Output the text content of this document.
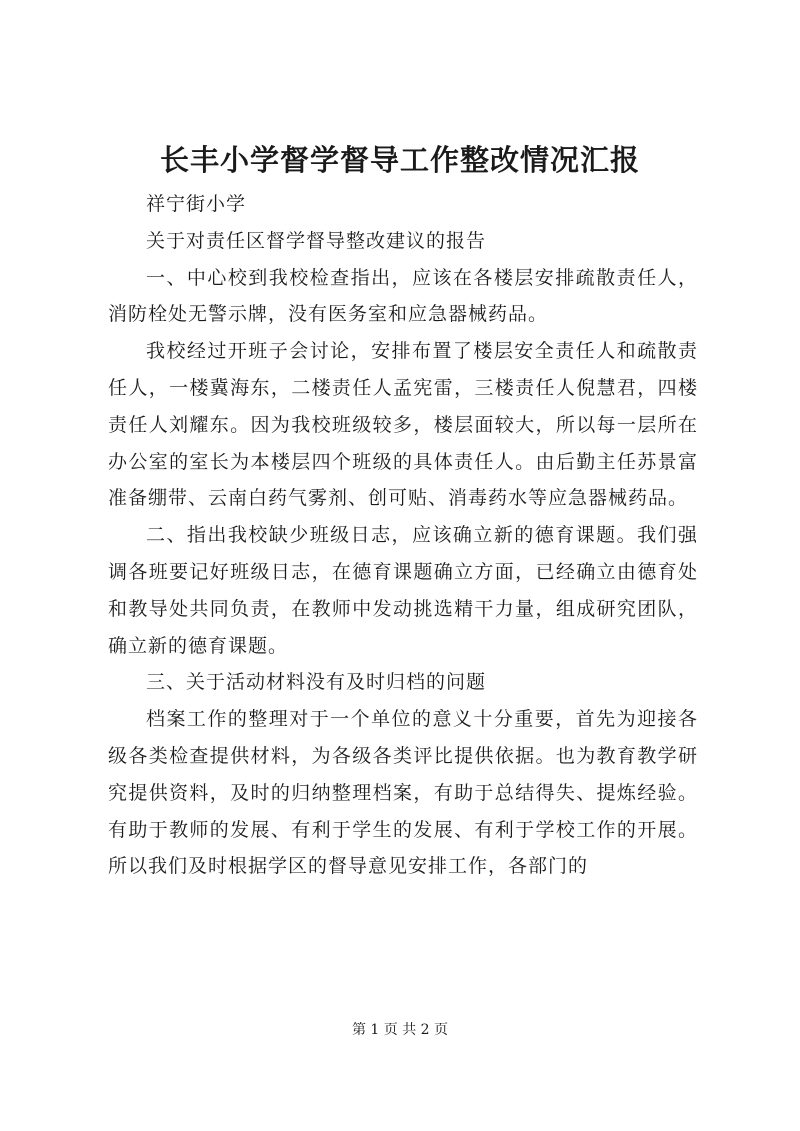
长丰小学督学督导工作整改情况汇报

祥宁街小学

关于对责任区督学督导整改建议的报告

一、中心校到我校检查指出，应该在各楼层安排疏散责任人，消防栓处无警示牌，没有医务室和应急器械药品。

我校经过开班子会讨论，安排布置了楼层安全责任人和疏散责任人，一楼冀海东，二楼责任人孟宪雷，三楼责任人倪慧君，四楼责任人刘耀东。因为我校班级较多，楼层面较大，所以每一层所在办公室的室长为本楼层四个班级的具体责任人。由后勤主任苏景富准备绷带、云南白药气雾剂、创可贴、消毒药水等应急器械药品。

二、指出我校缺少班级日志，应该确立新的德育课题。我们强调各班要记好班级日志，在德育课题确立方面，已经确立由德育处和教导处共同负责，在教师中发动挑选精干力量，组成研究团队，确立新的德育课题。

三、关于活动材料没有及时归档的问题

档案工作的整理对于一个单位的意义十分重要，首先为迎接各级各类检查提供材料，为各级各类评比提供依据。也为教育教学研究提供资料，及时的归纳整理档案，有助于总结得失、提炼经验。有助于教师的发展、有利于学生的发展、有利于学校工作的开展。所以我们及时根据学区的督导意见安排工作，各部门的

第 1 页 共 2 页
